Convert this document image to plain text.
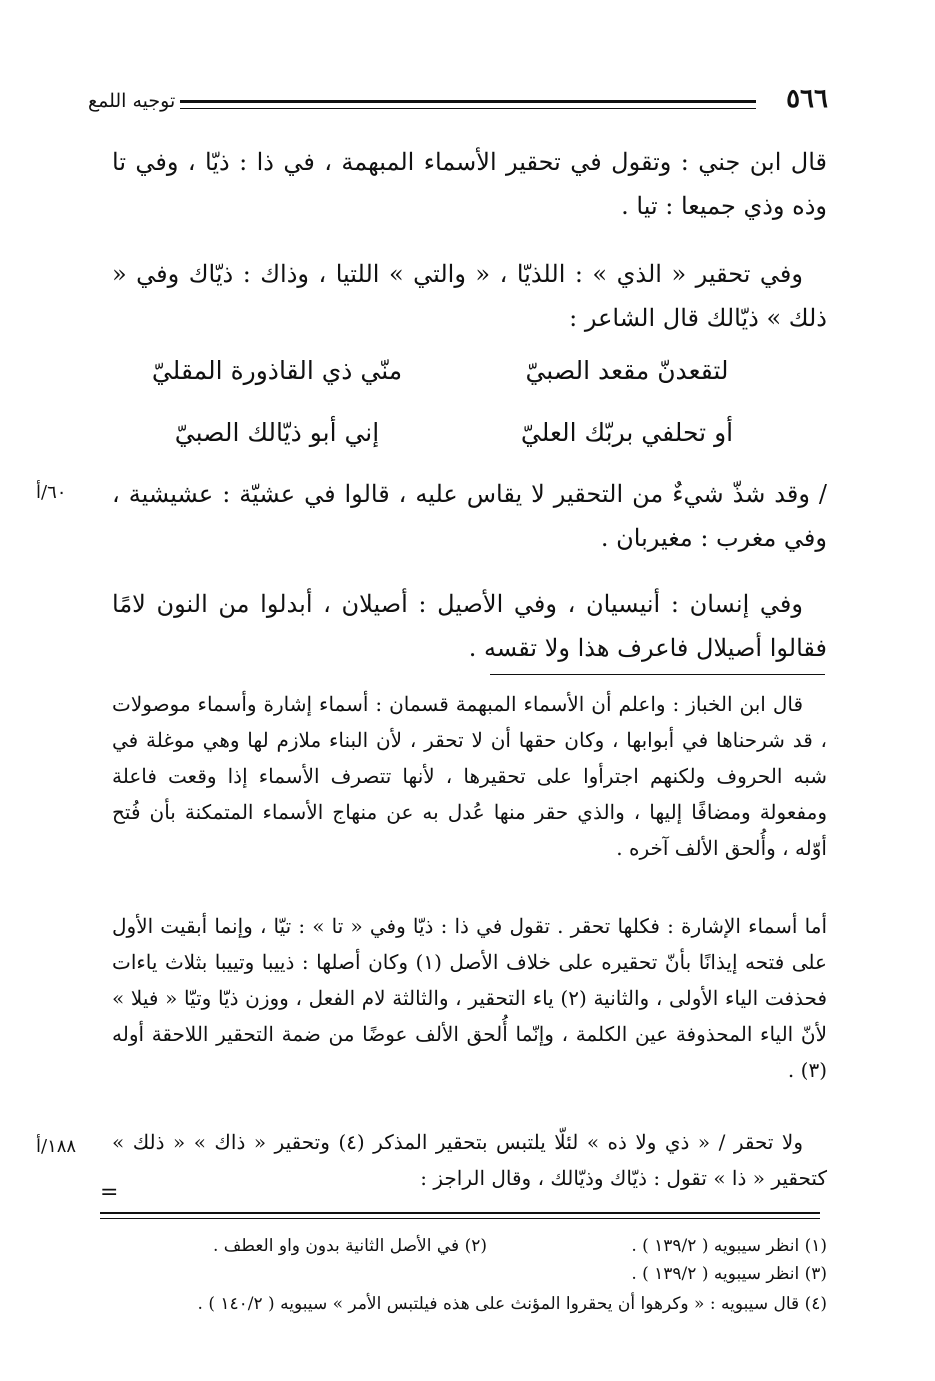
٥٦٦
توجيه اللمع

قال ابن جني : وتقول في تحقير الأسماء المبهمة ، في ذا : ذيّا ، وفي تا وذه وذي جميعا : تيا .

وفي تحقير « الذي » : اللذيّا ، « والتي » اللتيا ، وذاك : ذيّاك وفي « ذلك » ذيّالك قال الشاعر :

لتقعدنّ مقعد الصبيّ
منّي ذي القاذورة المقليّ
أو تحلفي بربّك العليّ
إني أبو ذيّالك الصبيّ

/ وقد شذّ شيءٌ من التحقير لا يقاس عليه ، قالوا في عشيّة : عشيشية ، وفي مغرب : مغيربان .

٦٠/أ

وفي إنسان : أنيسيان ، وفي الأصيل : أصيلان ، أبدلوا من النون لامًا فقالوا أصيلال فاعرف هذا ولا تقسه .

قال ابن الخباز : واعلم أن الأسماء المبهمة قسمان : أسماء إشارة وأسماء موصولات ، قد شرحناها في أبوابها ، وكان حقها أن لا تحقر ، لأن البناء ملازم لها وهي موغلة في شبه الحروف ولكنهم اجترأوا على تحقيرها ، لأنها تتصرف الأسماء إذا وقعت فاعلة ومفعولة ومضافًا إليها ، والذي حقر منها عُدل به عن منهاج الأسماء المتمكنة بأن فُتح أوّله ، وأُلحق الألف آخره .

أما أسماء الإشارة : فكلها تحقر . تقول في ذا : ذيّا وفي « تا » : تيّا ، وإنما أبقيت الأول على فتحه إيذانًا بأنّ تحقيره على خلاف الأصل (١) وكان أصلها : ذييبا وتييبا بثلاث ياءات فحذفت الياء الأولى ، والثانية (٢) ياء التحقير ، والثالثة لام الفعل ، ووزن ذيّا وتيّا « فيلا » لأنّ الياء المحذوفة عين الكلمة ، وإنّما أُلحق الألف عوضًا من ضمة التحقير اللاحقة أوله (٣) .

ولا تحقر / « ذي ولا ذه » لئلّا يلتبس بتحقير المذكر (٤) وتحقير « ذاك » « ذلك » كتحقير « ذا » تقول : ذيّاك وذيّالك ، وقال الراجز :

١٨٨/أ
=
(١) انظر سيبويه ( ١٣٩/٢ ) .
(٢) في الأصل الثانية بدون واو العطف .
(٣) انظر سيبويه ( ١٣٩/٢ ) .
(٤) قال سيبويه : « وكرهوا أن يحقروا المؤنث على هذه فيلتبس الأمر » سيبويه ( ١٤٠/٢ ) .
